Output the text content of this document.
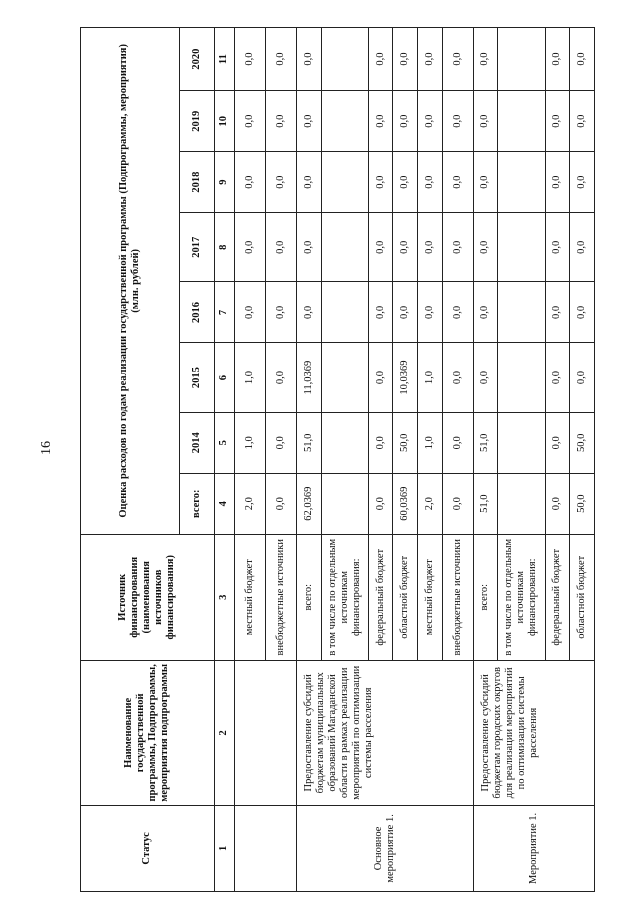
16
Статус	Наименование государственной программы, Подпрограммы, мероприятия подпрограммы	Источник финансирования (наименования источников финансирования)	Оценка расходов по годам реализации государственной программы (Подпрограммы, мероприятия) (млн. рублей)							
			всего:	2014	2015	2016	2017	2018	2019	2020
1	2	3	4	5	6	7	8	9	10	11
		местный бюджет	2,0	1,0	1,0	0,0	0,0	0,0	0,0	0,0
		внебюджетные источники	0,0	0,0	0,0	0,0	0,0	0,0	0,0	0,0
Основное мероприятие 1.	Предоставление субсидий бюджетам муниципальных образований Магаданской области в рамках реализации мероприятий по оптимизации системы расселения	всего:	62,0369	51,0	11,0369	0,0	0,0	0,0	0,0	0,0
		в том числе по отдельным источникам финансирования:								
		федеральный бюджет	0,0	0,0	0,0	0,0	0,0	0,0	0,0	0,0
		областной бюджет	60,0369	50,0	10,0369	0,0	0,0	0,0	0,0	0,0
		местный бюджет	2,0	1,0	1,0	0,0	0,0	0,0	0,0	0,0
		внебюджетные источники	0,0	0,0	0,0	0,0	0,0	0,0	0,0	0,0
Мероприятие 1.	Предоставление субсидий бюджетам городских округов для реализации мероприятий по оптимизации системы расселения	всего:	51,0	51,0	0,0	0,0	0,0	0,0	0,0	0,0
		в том числе по отдельным источникам финансирования:								
		федеральный бюджет	0,0	0,0	0,0	0,0	0,0	0,0	0,0	0,0
		областной бюджет	50,0	50,0	0,0	0,0	0,0	0,0	0,0	0,0
